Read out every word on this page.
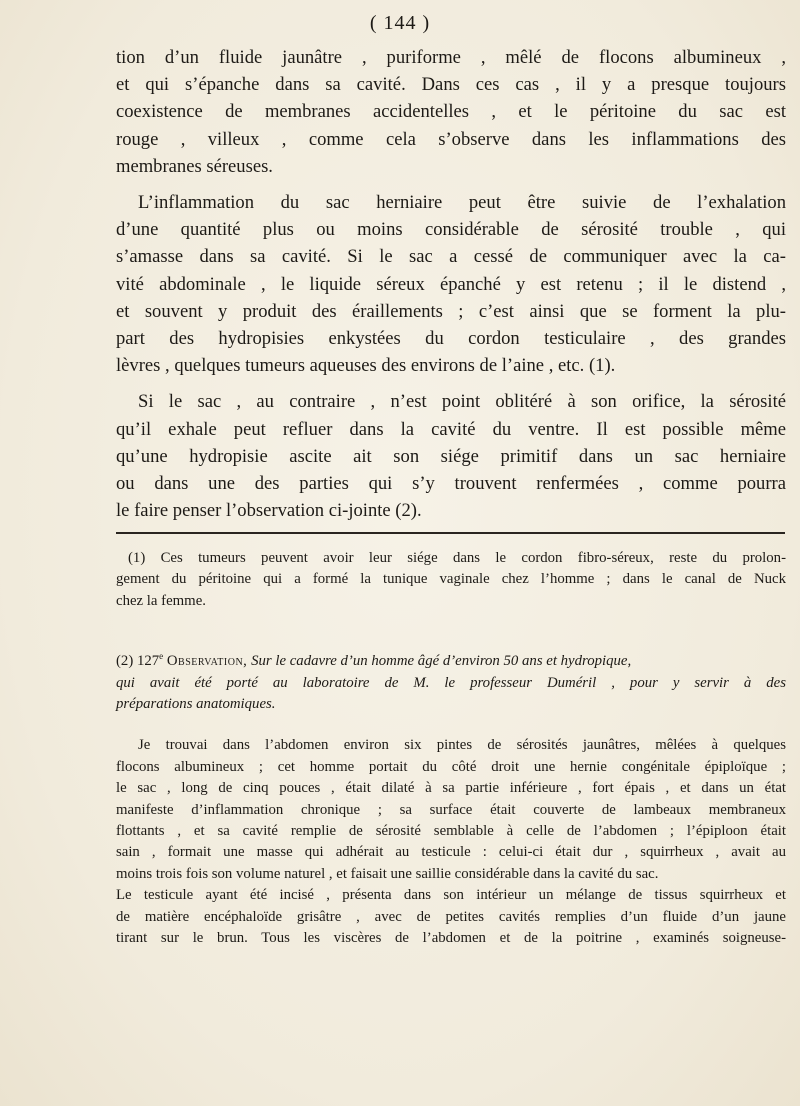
( 144 )

tion d’un fluide jaunâtre , puriforme , mêlé de flocons albumineux ,
et qui s’épanche dans sa cavité. Dans ces cas , il y a presque toujours
coexistence de membranes accidentelles , et le péritoine du sac est
rouge , villeux , comme cela s’observe dans les inflammations des
membranes séreuses.

L’inflammation du sac herniaire peut être suivie de l’exhalation
d’une quantité plus ou moins considérable de sérosité trouble , qui
s’amasse dans sa cavité. Si le sac a cessé de communiquer avec la ca-
vité abdominale , le liquide séreux épanché y est retenu ; il le distend ,
et souvent y produit des éraillements ; c’est ainsi que se forment la plu-
part des hydropisies enkystées du cordon testiculaire , des grandes
lèvres , quelques tumeurs aqueuses des environs de l’aine , etc. (1).

Si le sac , au contraire , n’est point oblitéré à son orifice, la sérosité
qu’il exhale peut refluer dans la cavité du ventre. Il est possible même
qu’une hydropisie ascite ait son siége primitif dans un sac herniaire
ou dans une des parties qui s’y trouvent renfermées , comme pourra
le faire penser l’observation ci-jointe (2).

(1) Ces tumeurs peuvent avoir leur siége dans le cordon fibro-séreux, reste du prolon-
gement du péritoine qui a formé la tunique vaginale chez l’homme ; dans le canal de Nuck
chez la femme.
(2) 127e Observation, Sur le cadavre d’un homme âgé d’environ 50 ans et hydropique,
qui avait été porté au laboratoire de M. le professeur Duméril , pour y servir à des
préparations anatomiques.
Je trouvai dans l’abdomen environ six pintes de sérosités jaunâtres, mêlées à quelques
flocons albumineux ; cet homme portait du côté droit une hernie congénitale épiploïque ;
le sac , long de cinq pouces , était dilaté à sa partie inférieure , fort épais , et dans un état
manifeste d’inflammation chronique ; sa surface était couverte de lambeaux membraneux
flottants , et sa cavité remplie de sérosité semblable à celle de l’abdomen ; l’épiploon était
sain , formait une masse qui adhérait au testicule : celui-ci était dur , squirrheux , avait au
moins trois fois son volume naturel , et faisait une saillie considérable dans la cavité du sac.
Le testicule ayant été incisé , présenta dans son intérieur un mélange de tissus squirrheux et
de matière encéphaloïde grisâtre , avec de petites cavités remplies d’un fluide d’un jaune
tirant sur le brun. Tous les viscères de l’abdomen et de la poitrine , examinés soigneuse-
